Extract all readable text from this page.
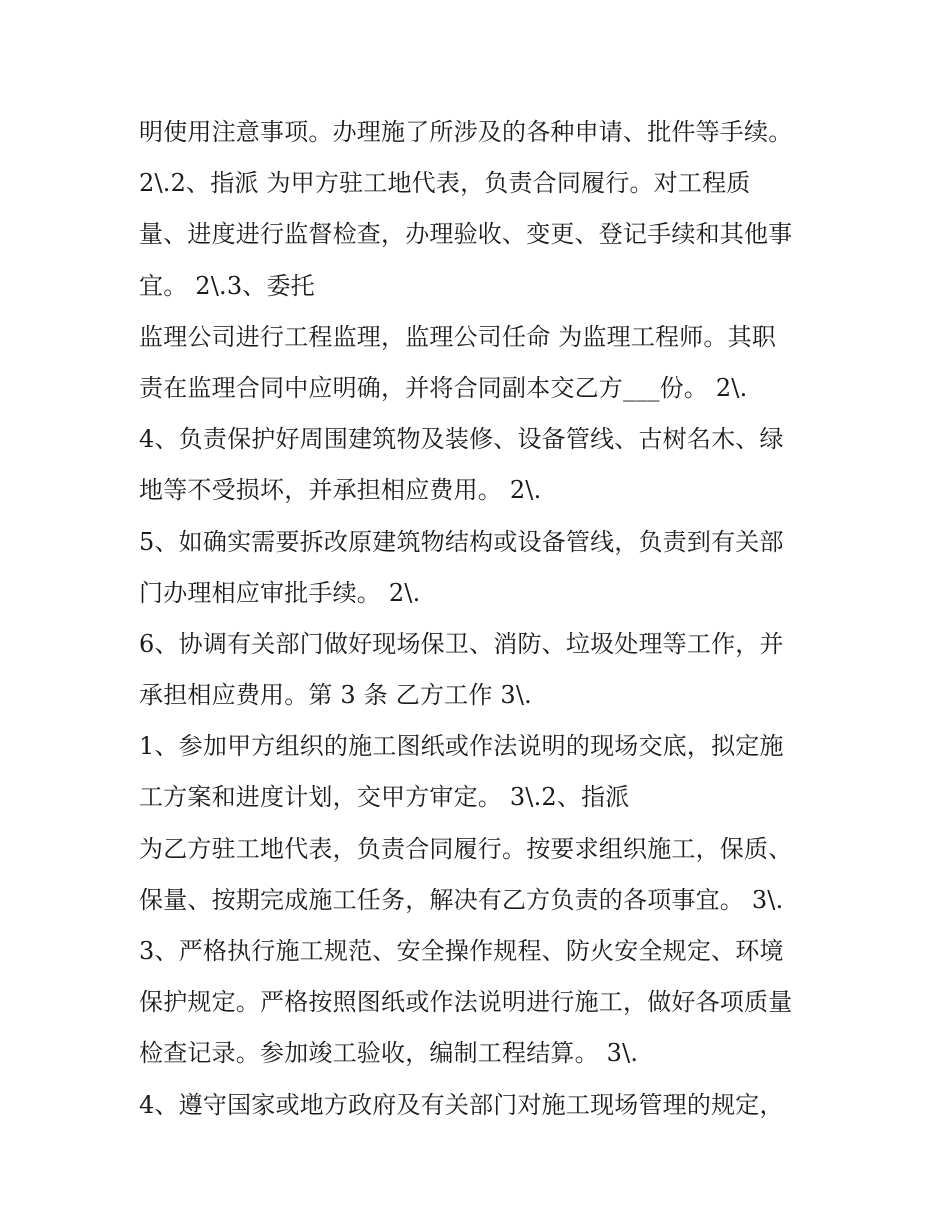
明使用注意事项。办理施了所涉及的各种申请、批件等手续。
2\.2、指派 为甲方驻工地代表，负责合同履行。对工程质
量、进度进行监督检查，办理验收、变更、登记手续和其他事
宜。 2\.3、委托
监理公司进行工程监理，监理公司任命 为监理工程师。其职
责在监理合同中应明确，并将合同副本交乙方___份。 2\.
4、负责保护好周围建筑物及装修、设备管线、古树名木、绿
地等不受损坏，并承担相应费用。 2\.
5、如确实需要拆改原建筑物结构或设备管线，负责到有关部
门办理相应审批手续。 2\.
6、协调有关部门做好现场保卫、消防、垃圾处理等工作，并
承担相应费用。第 3 条 乙方工作 3\.
1、参加甲方组织的施工图纸或作法说明的现场交底，拟定施
工方案和进度计划，交甲方审定。 3\.2、指派
为乙方驻工地代表，负责合同履行。按要求组织施工，保质、
保量、按期完成施工任务，解决有乙方负责的各项事宜。 3\.
3、严格执行施工规范、安全操作规程、防火安全规定、环境
保护规定。严格按照图纸或作法说明进行施工，做好各项质量
检查记录。参加竣工验收，编制工程结算。 3\.
4、遵守国家或地方政府及有关部门对施工现场管理的规定，
